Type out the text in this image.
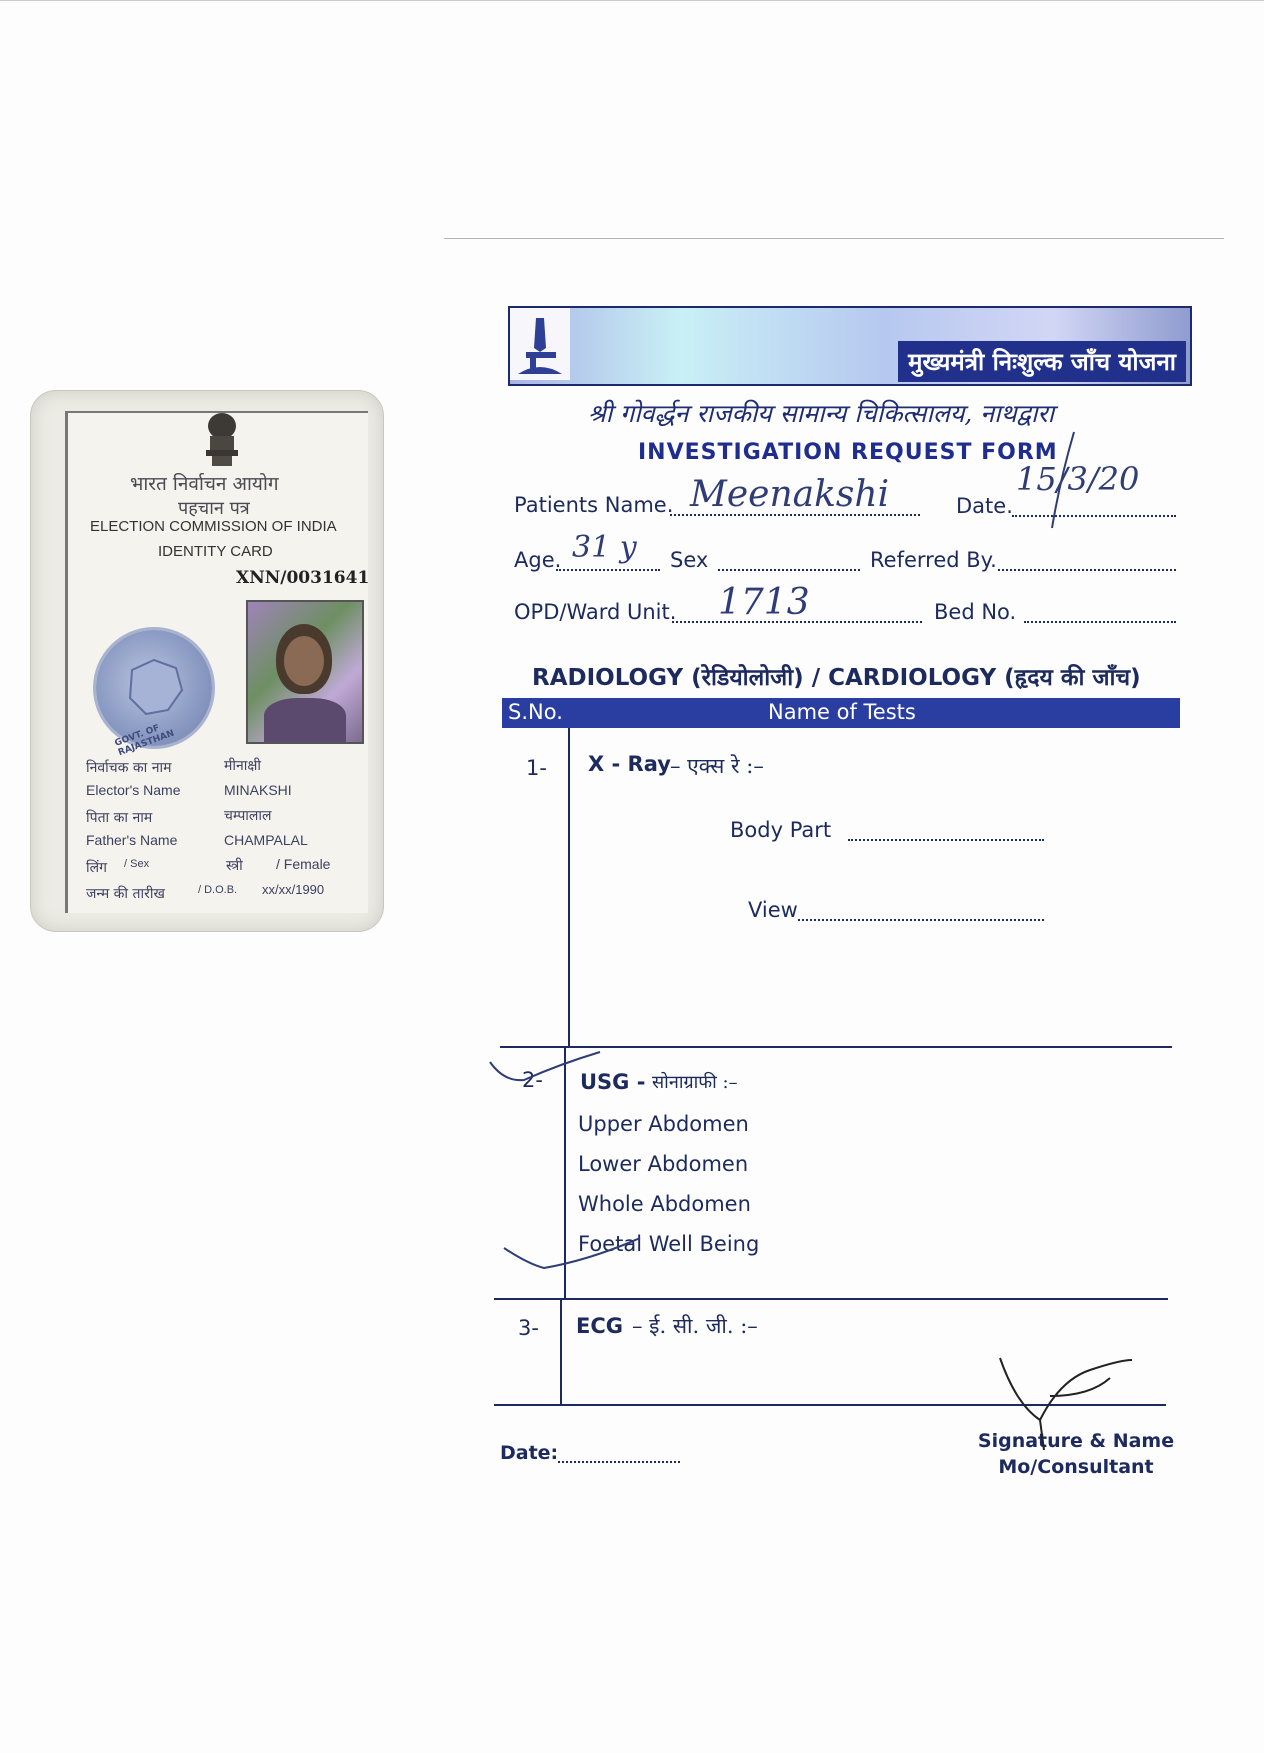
भारत निर्वाचन आयोग
पहचान पत्र
ELECTION COMMISSION OF INDIA
IDENTITY CARD
XNN/0031641
GOVT. OF RAJASTHAN
निर्वाचक का नाम	मीनाक्षी
Elector's Name	MINAKSHI
पिता का नाम	चम्पालाल
Father's Name	CHAMPALAL
लिंग / Sex	स्त्री / Female
जन्म की तारीख	/ D.O.B. xx/xx/1990
मुख्यमंत्री निःशुल्क जाँच योजना
श्री गोवर्द्धन राजकीय सामान्य चिकित्सालय, नाथद्वारा
INVESTIGATION REQUEST FORM
Patients Name. Meenakshi	Date.
15/3/20
Age. 31 y Sex	Referred By.
OPD/Ward Unit. 1713	Bed No.
RADIOLOGY (रेडियोलोजी) / CARDIOLOGY (हृदय की जाँच)
S.No.	Name of Tests
1- X - Ray – एक्स रे :–
Body Part
View
2- USG - सोनाग्राफी :–
Upper Abdomen
Lower Abdomen
Whole Abdomen
Foetal Well Being
3- ECG – ई. सी. जी. :–
Date:
Signature & Name
Mo/Consultant
